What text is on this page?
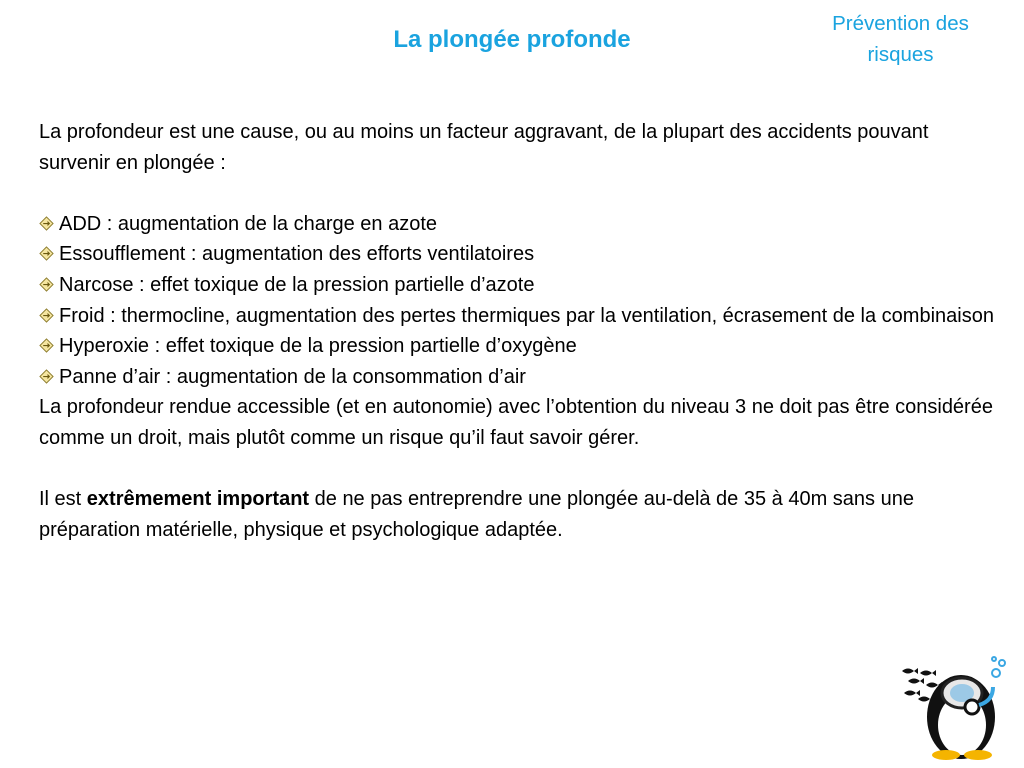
La plongée profonde
Prévention des
risques

La profondeur est une cause, ou au moins un facteur aggravant, de la plupart des accidents pouvant survenir en plongée :

ADD : augmentation de la charge en azote
Essoufflement : augmentation des efforts ventilatoires
Narcose : effet toxique de la pression partielle d’azote
Froid : thermocline, augmentation des pertes thermiques par la ventilation, écrasement de la combinaison
Hyperoxie : effet toxique de la pression partielle d’oxygène
Panne d’air : augmentation de la consommation d’air

La profondeur rendue accessible (et en autonomie) avec l’obtention du niveau 3 ne doit pas être considérée comme un droit, mais plutôt comme un risque qu’il faut savoir gérer.

Il est extrêmement important de ne pas entreprendre une plongée au-delà de 35 à 40m sans une préparation matérielle, physique et psychologique adaptée.
